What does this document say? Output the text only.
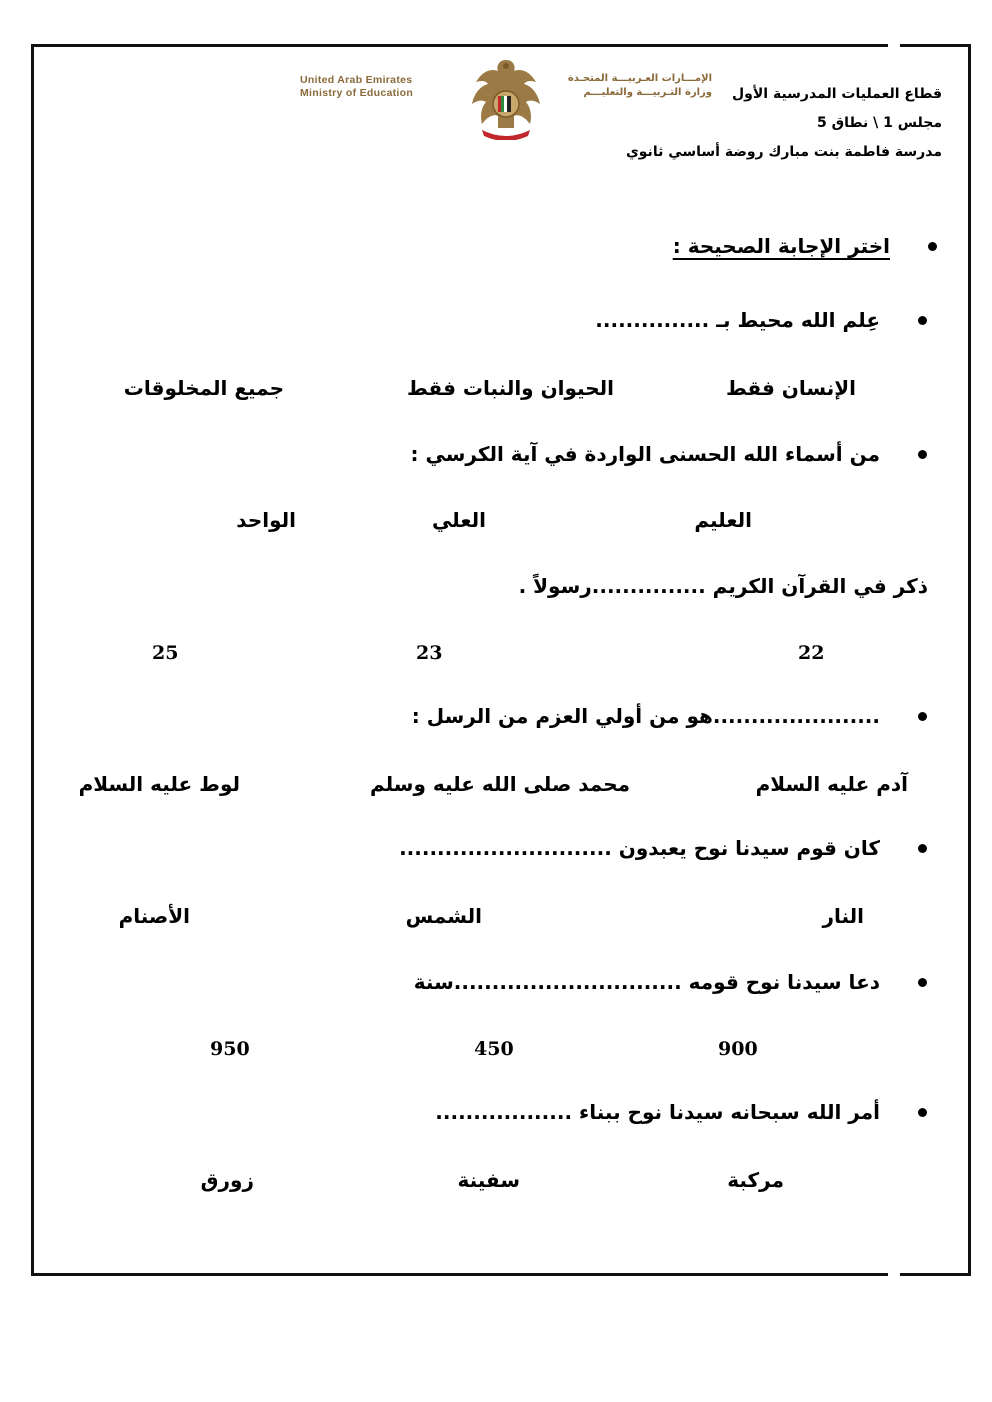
قطاع العمليات المدرسية الأول
مجلس 1 \ نطاق 5
مدرسة فاطمة بنت مبارك روضة أساسي ثانوي
الإمـــارات العـربيـــة المتحـدة
وزارة التـربيـــة والتعليـــم
United Arab Emirates
Ministry of Education
اختر الإجابة الصحيحة :
عِلم الله محيط بـ ...............
الإنسان فقط
الحيوان والنبات فقط
جميع المخلوقات
من أسماء الله الحسنى الواردة في آية الكرسي :
العليم
العلي
الواحد
ذكر في القرآن الكريم ...............رسولاً .
22
23
25
......................هو من أولي العزم من الرسل :
آدم عليه السلام
محمد صلى الله عليه وسلم
لوط عليه السلام
كان قوم سيدنا نوح يعبدون ............................
النار
الشمس
الأصنام
دعا سيدنا نوح قومه ..............................سنة
900
450
950
أمر الله سبحانه سيدنا نوح ببناء ..................
مركبة
سفينة
زورق
